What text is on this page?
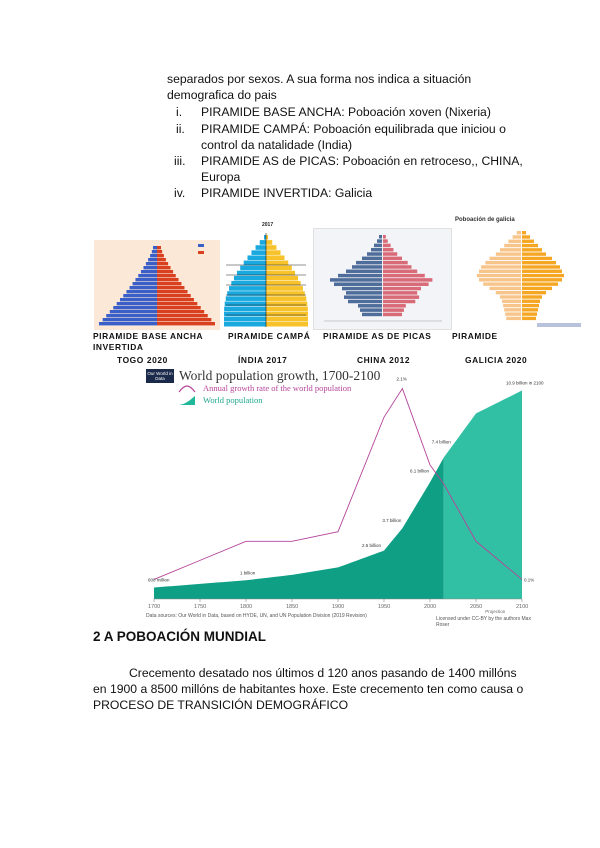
separados por sexos. A sua forma nos indica a situación
demografica do pais
i. PIRAMIDE BASE ANCHA: Poboación xoven (Nixeria)
ii. PIRAMIDE CAMPÁ: Poboación equilibrada que iniciou o
control da natalidade (India)
iii. PIRAMIDE AS de PICAS: Poboación en retroceso,, CHINA,
Europa
iv. PIRAMIDE INVERTIDA: Galicia
2017
Poboación de galicia
PIRAMIDE BASE ANCHA
INVERTIDA
PIRAMIDE CAMPÁ PIRAMIDE AS DE PICAS PIRAMIDE
TOGO 2020	ÍNDIA 2017	CHINA 2012	GALICIA 2020
Our World in Data	World population growth, 1700-2100
Annual growth rate of the world population
World population
1700	1750	1800	1850	1900	1950	2000	2050	2100
Projection
10.9 billion in 2100
2.1%
7.4 billion
6.1 billion
3.7 billion
2.5 billion
1 billion
600 million	0.1%
Data sources: Our World in Data, based on HYDE, UN, and UN Population Division (2019 Revision)	Licensed under CC-BY by the authors Max Roser
2 A POBOACIÓN MUNDIAL
Crecemento desatado nos últimos d 120 anos pasando de 1400 millóns
en 1900 a 8500 millóns de habitantes hoxe. Este crecemento ten como causa o
PROCESO DE TRANSICIÓN DEMOGRÁFICO
